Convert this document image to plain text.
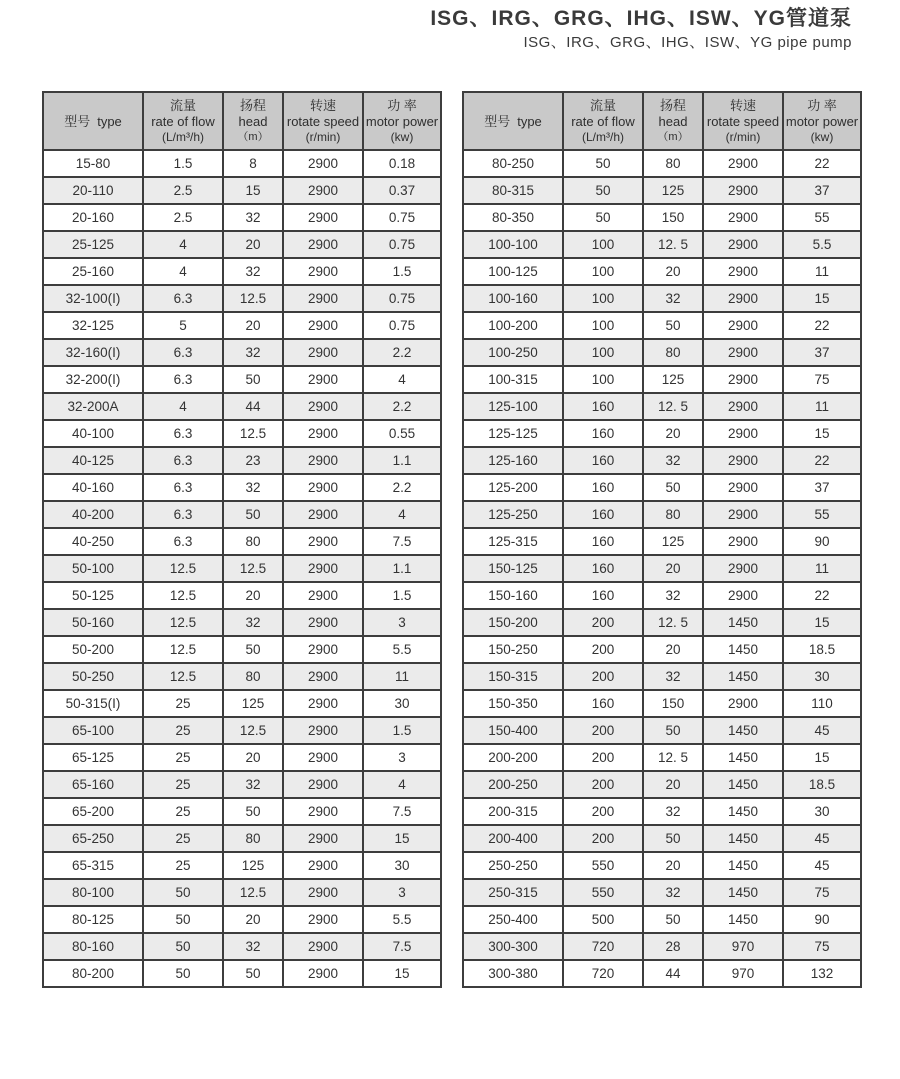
ISG、IRG、GRG、IHG、ISW、YG管道泵
ISG、IRG、GRG、IHG、ISW、YG pipe pump
型号 type	
流量
rate of flow
(L/m³/h)

扬程
head
（m）

转速
rotate speed
(r/min)

功 率
motor power
(kw)

15-80	1.5	8	2900	0.18
20-110	2.5	15	2900	0.37
20-160	2.5	32	2900	0.75
25-125	4	20	2900	0.75
25-160	4	32	2900	1.5
32-100(I)	6.3	12.5	2900	0.75
32-125	5	20	2900	0.75
32-160(I)	6.3	32	2900	2.2
32-200(I)	6.3	50	2900	4
32-200A	4	44	2900	2.2
40-100	6.3	12.5	2900	0.55
40-125	6.3	23	2900	1.1
40-160	6.3	32	2900	2.2
40-200	6.3	50	2900	4
40-250	6.3	80	2900	7.5
50-100	12.5	12.5	2900	1.1
50-125	12.5	20	2900	1.5
50-160	12.5	32	2900	3
50-200	12.5	50	2900	5.5
50-250	12.5	80	2900	11
50-315(I)	25	125	2900	30
65-100	25	12.5	2900	1.5
65-125	25	20	2900	3
65-160	25	32	2900	4
65-200	25	50	2900	7.5
65-250	25	80	2900	15
65-315	25	125	2900	30
80-100	50	12.5	2900	3
80-125	50	20	2900	5.5
80-160	50	32	2900	7.5
80-200	50	50	2900	15
型号 type	
流量
rate of flow
(L/m³/h)

扬程
head
（m）

转速
rotate speed
(r/min)

功 率
motor power
(kw)

80-250	50	80	2900	22
80-315	50	125	2900	37
80-350	50	150	2900	55
100-100	100	12. 5	2900	5.5
100-125	100	20	2900	11
100-160	100	32	2900	15
100-200	100	50	2900	22
100-250	100	80	2900	37
100-315	100	125	2900	75
125-100	160	12. 5	2900	11
125-125	160	20	2900	15
125-160	160	32	2900	22
125-200	160	50	2900	37
125-250	160	80	2900	55
125-315	160	125	2900	90
150-125	160	20	2900	11
150-160	160	32	2900	22
150-200	200	12. 5	1450	15
150-250	200	20	1450	18.5
150-315	200	32	1450	30
150-350	160	150	2900	110
150-400	200	50	1450	45
200-200	200	12. 5	1450	15
200-250	200	20	1450	18.5
200-315	200	32	1450	30
200-400	200	50	1450	45
250-250	550	20	1450	45
250-315	550	32	1450	75
250-400	500	50	1450	90
300-300	720	28	970	75
300-380	720	44	970	132
